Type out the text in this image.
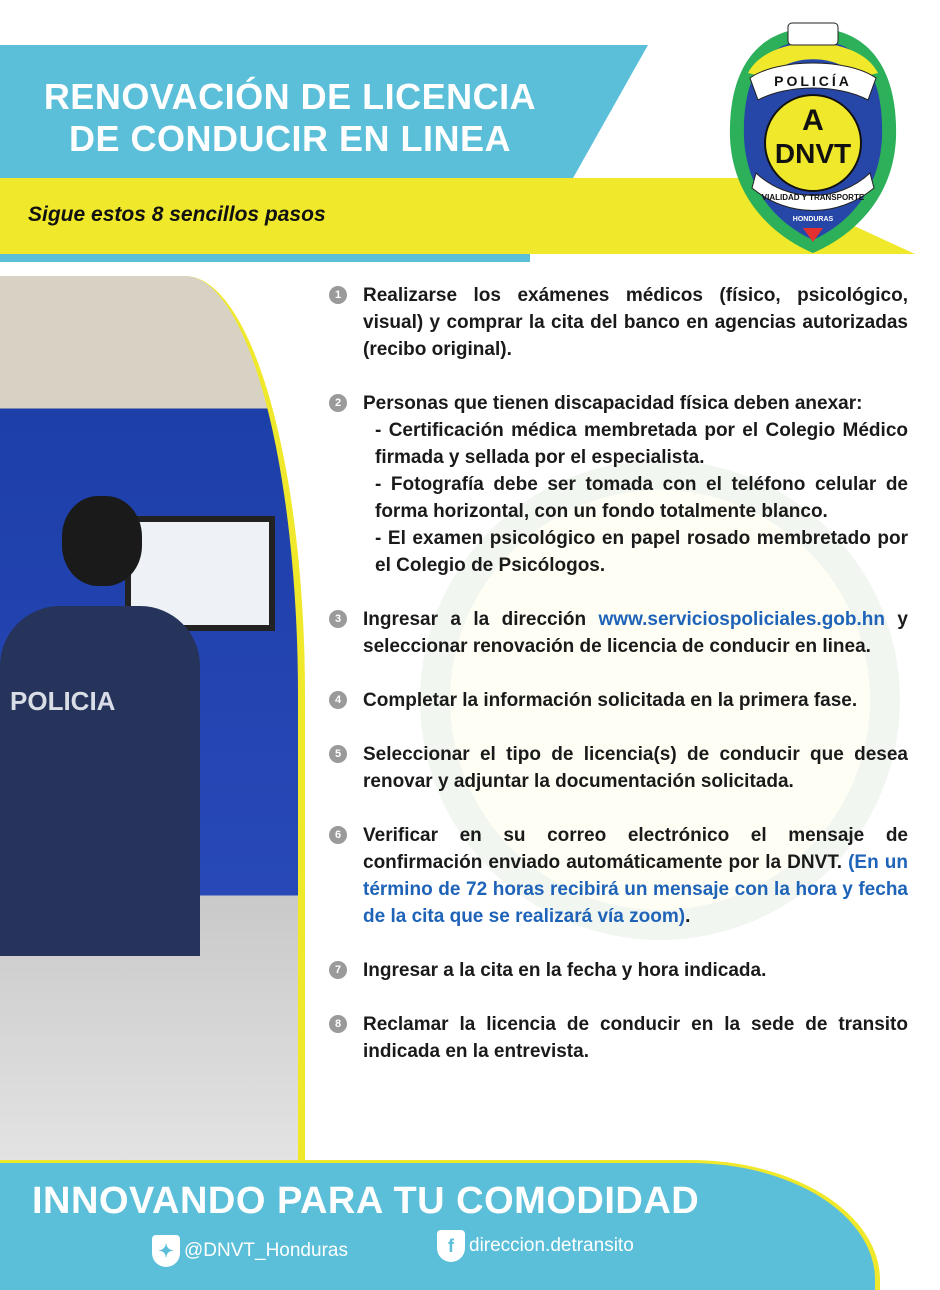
RENOVACIÓN DE LICENCIA
DE CONDUCIR EN LINEA
Sigue estos 8 sencillos pasos
POLICÍA
A
DNVT
VIALIDAD Y TRANSPORTE
HONDURAS
POLICIA
1	Realizarse los exámenes médicos (físico, psicológico, visual) y comprar la cita del banco en agencias autorizadas (recibo original).
2	Personas que tienen discapacidad física deben anexar:
- Certificación médica membretada por el Colegio Médico firmada y sellada por el especialista.
- Fotografía debe ser tomada con el teléfono celular de forma horizontal, con un fondo totalmente blanco.
- El examen psicológico en papel rosado membretado por el Colegio de Psicólogos.
3	Ingresar a la dirección www.serviciospoliciales.gob.hn y seleccionar renovación de licencia de conducir en linea.
4	Completar la información solicitada en la primera fase.
5	Seleccionar el tipo de licencia(s) de conducir que desea renovar y adjuntar la documentación solicitada.
6	Verificar en su correo electrónico el mensaje de confirmación enviado automáticamente por la DNVT. (En un término de 72 horas recibirá un mensaje con la hora y fecha de la cita que se realizará vía zoom).
7	Ingresar a la cita en la fecha y hora indicada.
8	Reclamar la licencia de conducir en la sede de transito indicada en la entrevista.
INNOVANDO PARA TU COMODIDAD
✦ @DNVT_Honduras	f direccion.detransito
